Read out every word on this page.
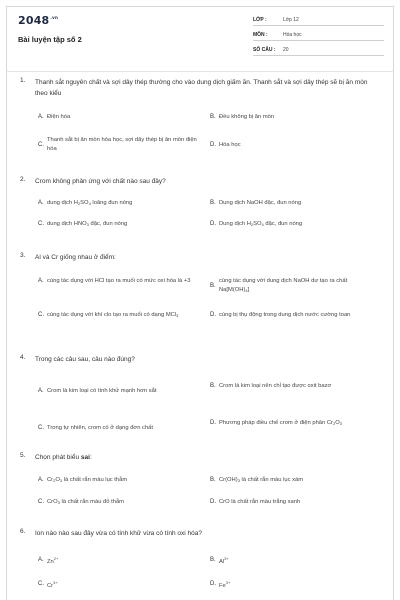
$2048^{.vn}$
Bài luyện tập số 2
LỚP :	Lớp 12
MÔN :	Hóa học
SỐ CÂU :	20
1.	Thanh sắt nguyên chất và sợi dây thép thường cho vào dung dịch giấm ăn. Thanh sắt và sợi dây thép sẽ bị ăn mòn theo kiểu
A. Điện hóa	B. Đều không bị ăn mòn
C.
Thanh sắt bị ăn mòn hóa học, sợi dây thép bị ăn mòn điện hóa
D. Hóa học
2.	Crom không phản ứng với chất nào sau đây?
A. dung dịch $H_2SO_4$ loãng đun nóng	B. Dung dịch NaOH đặc, đun nóng
C. dung dịch $HNO_3$ đặc, đun nóng	D. Dung dịch $H_2SO_4$ đặc, đun nóng
3.	Al và Cr giống nhau ở điểm:
A. cùng tác dụng với HCl tạo ra muối có mức oxi hóa là +3
B.
cùng tác dụng với dung dịch NaOH dư tạo ra chất $Na[M(OH)_4]$
C. cùng tác dụng với khí clo tạo ra muối có dạng MCl$_3$	D. cùng bị thụ động trong dung dịch nước cường toan
4.	Trong các câu sau, câu nào đúng?
A. Crom là kim loại có tính khử mạnh hơn sắt
B. Crom là kim loại nên chỉ tạo được oxit bazơ
C. Trong tự nhiên, crom có ở dạng đơn chất
D. Phương pháp điều chế crom ở điện phân $Cr_2O_3$
5.	Chọn phát biểu sai:
A. $Cr_2O_3$ là chất rắn màu lục thẫm	B. $Cr(OH)_3$ là chất rắn màu lục xám
C. CrO$_3$ là chất rắn màu đỏ thẫm	D. CrO là chất rắn màu trắng xanh
6.	Ion nào nào sau đây vừa có tính khử vừa có tính oxi hóa?
A. $Zn^{2+}$	B. $Al^{3+}$
C. $Cr^{3+}$	D. $Fe^{3+}$
